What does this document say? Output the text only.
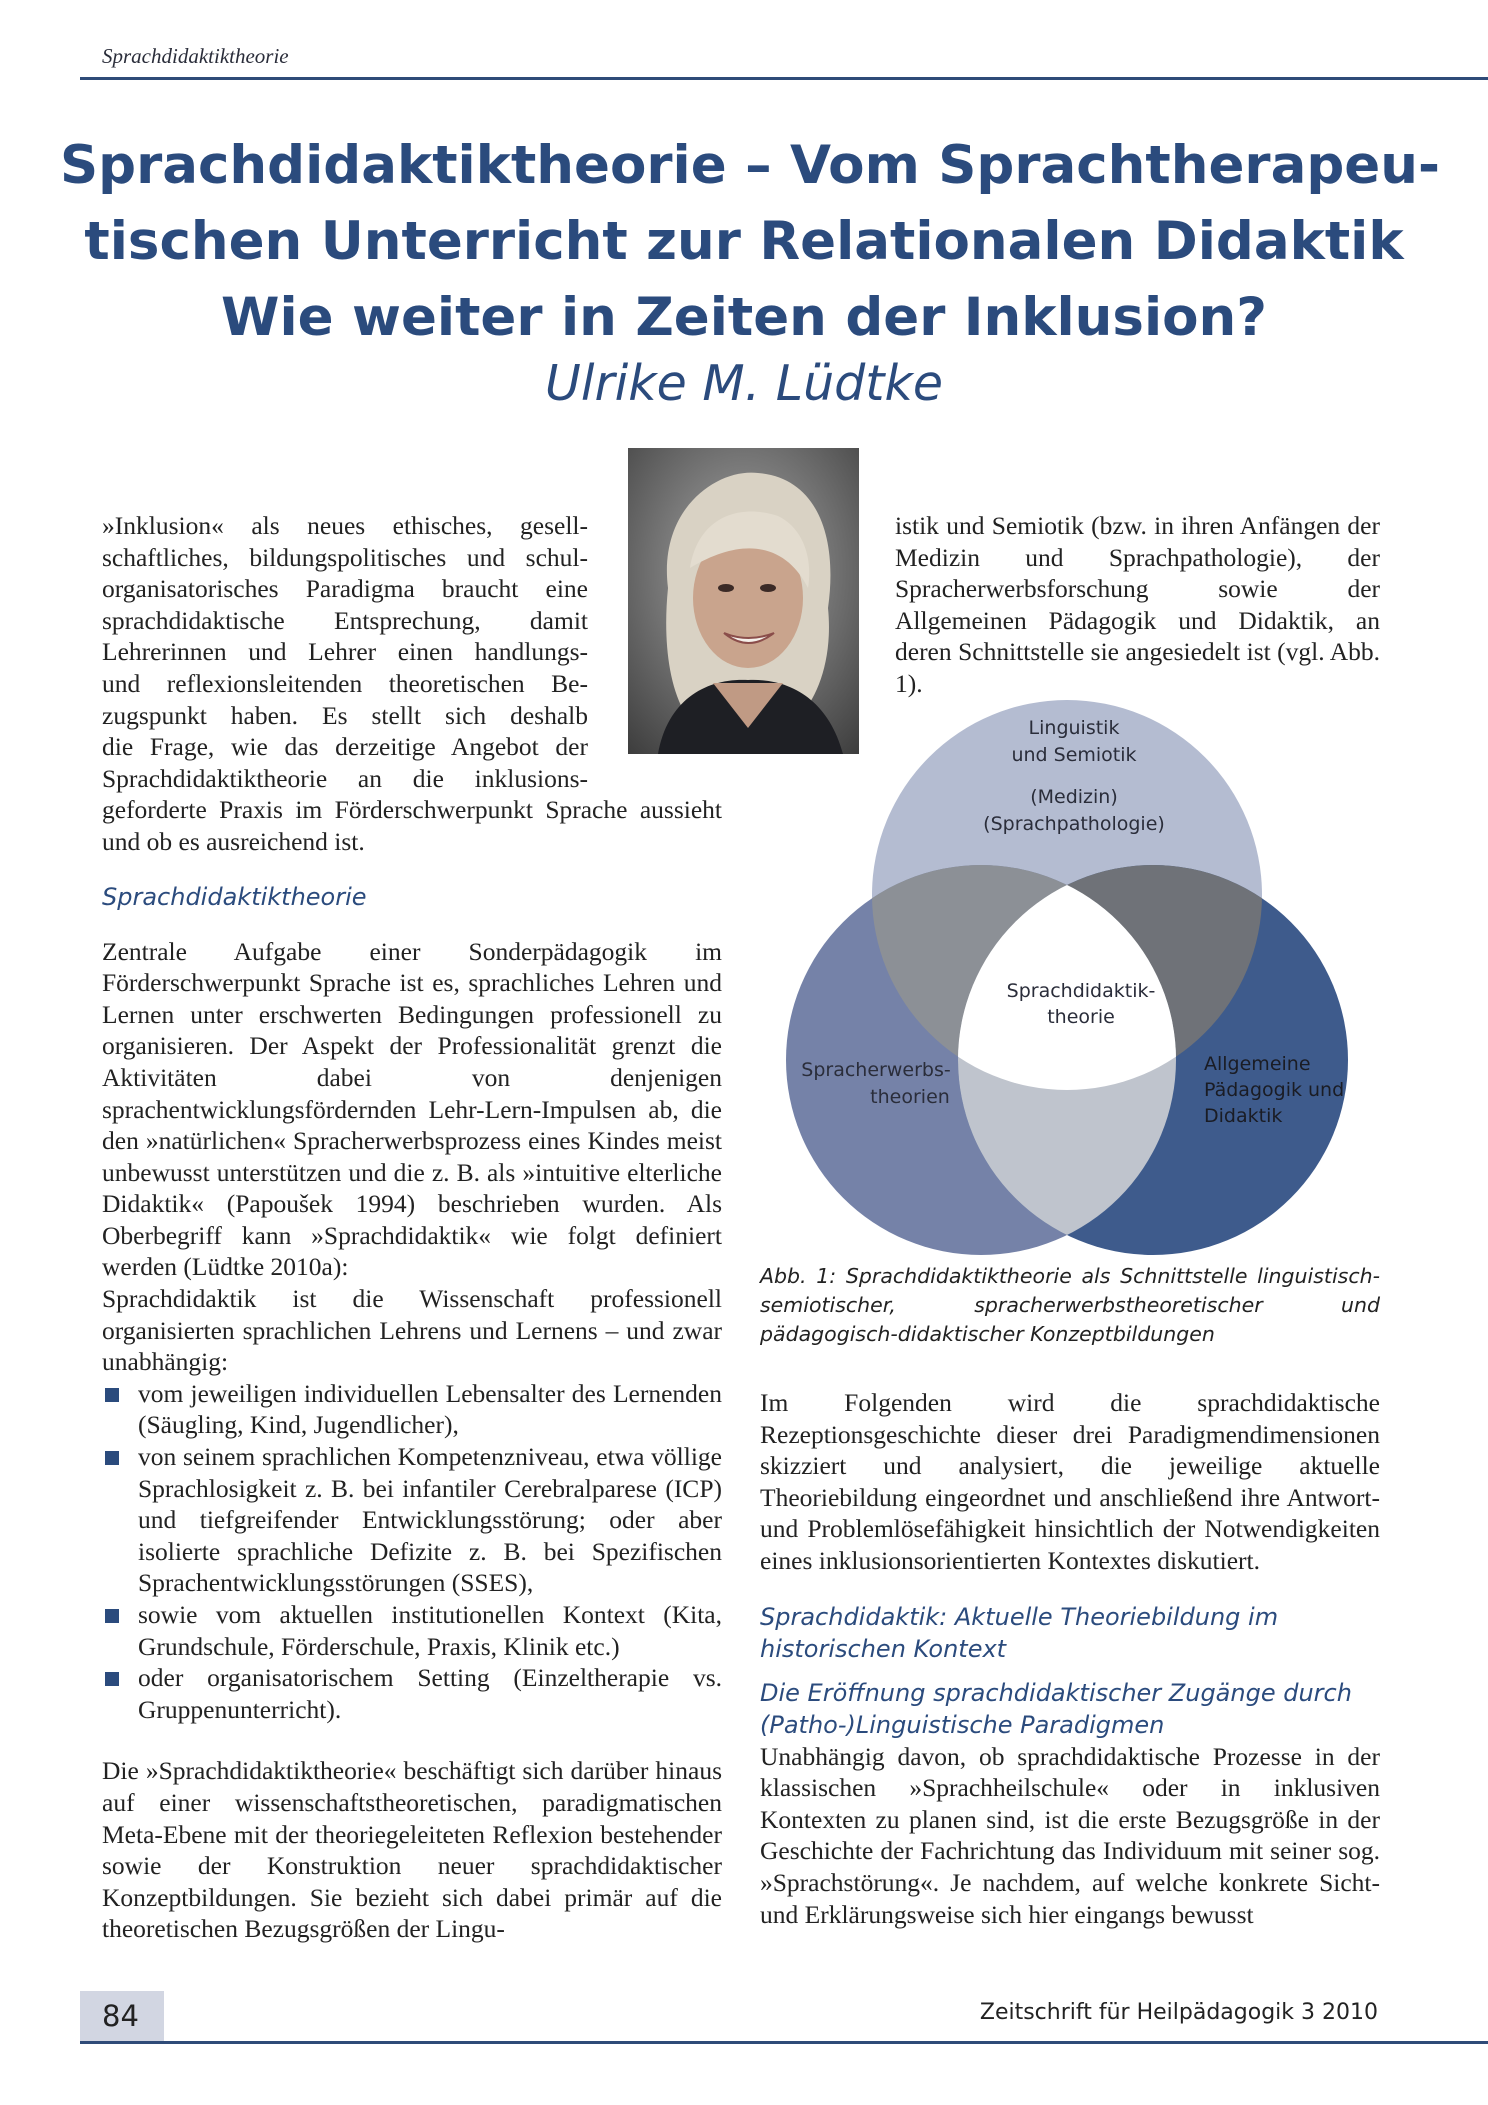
Sprachdidaktiktheorie
Sprachdidaktiktheorie – Vom Sprachtherapeu-
tischen Unterricht zur Relationalen Didaktik
Wie weiter in Zeiten der Inklusion?
Ulrike M. Lüdtke

»Inklusion« als neues ethisches, gesell-

schaftliches, bildungspolitisches und schul-

organisatorisches Paradigma braucht eine

sprachdidaktische Entsprechung, damit

Lehrerinnen und Lehrer einen handlungs-

und reflexionsleitenden theoretischen Be-

zugspunkt haben. Es stellt sich deshalb

die Frage, wie das derzeitige Angebot der

Sprachdidaktiktheorie an die inklusions-

geforderte Praxis im Förderschwerpunkt Sprache aussieht und ob es ausreichend ist.

Sprachdidaktiktheorie

Zentrale Aufgabe einer Sonderpädagogik im Förderschwerpunkt Sprache ist es, sprachliches Lehren und Lernen unter erschwerten Bedingungen professionell zu organisieren. Der Aspekt der Professionalität grenzt die Aktivitäten dabei von denjenigen sprachentwicklungsfördernden Lehr-Lern-Impulsen ab, die den »natürlichen« Spracherwerbsprozess eines Kindes meist unbewusst unterstützen und die z. B. als »intuitive elterliche Didaktik« (Papoušek 1994) beschrieben wurden. Als Oberbegriff kann »Sprachdidaktik« wie folgt definiert werden (Lüdtke 2010a):

Sprachdidaktik ist die Wissenschaft professionell organisierten sprachlichen Lehrens und Lernens – und zwar unabhängig:

vom jeweiligen individuellen Lebensalter des Lernenden (Säugling, Kind, Jugendlicher),
von seinem sprachlichen Kompetenzniveau, etwa völlige Sprachlosigkeit z. B. bei infantiler Cerebralparese (ICP) und tiefgreifender Entwicklungsstörung; oder aber isolierte sprachliche Defizite z. B. bei Spezifischen Sprachentwicklungsstörungen (SSES),
sowie vom aktuellen institutionellen Kontext (Kita, Grundschule, Förderschule, Praxis, Klinik etc.)
oder organisatorischem Setting (Einzeltherapie vs. Gruppenunterricht).

Die »Sprachdidaktiktheorie« beschäftigt sich darüber hinaus auf einer wissenschaftstheoretischen, paradigmatischen Meta-Ebene mit der theoriegeleiteten Reflexion bestehender sowie der Konstruktion neuer sprachdidaktischer Konzeptbildungen. Sie bezieht sich dabei primär auf die theoretischen Bezugsgrößen der Lingu-

istik und Semiotik (bzw. in ihren Anfängen der Medizin und Sprachpathologie), der Spracherwerbsforschung sowie der Allgemeinen Pädagogik und Didaktik, an deren Schnittstelle sie angesiedelt ist (vgl. Abb. 1).

Linguistik
und Semiotik
(Medizin)
(Sprachpathologie)
Sprachdidaktik-
theorie
Spracherwerbs-
theorien
Allgemeine
Pädagogik und
Didaktik
Abb. 1: Sprachdidaktiktheorie als Schnittstelle linguistisch-semiotischer, spracherwerbstheoretischer und pädagogisch-didaktischer Konzeptbildungen

Im Folgenden wird die sprachdidaktische Rezeptionsgeschichte dieser drei Paradigmendimensionen skizziert und analysiert, die jeweilige aktuelle Theoriebildung eingeordnet und anschließend ihre Antwort- und Problemlösefähigkeit hinsichtlich der Notwendigkeiten eines inklusionsorientierten Kontextes diskutiert.

Sprachdidaktik: Aktuelle Theoriebildung im historischen Kontext

Die Eröffnung sprachdidaktischer Zugänge durch (Patho-)Linguistische Paradigmen

Unabhängig davon, ob sprachdidaktische Prozesse in der klassischen »Sprachheilschule« oder in inklusiven Kontexten zu planen sind, ist die erste Bezugsgröße in der Geschichte der Fachrichtung das Individuum mit seiner sog. »Sprachstörung«. Je nachdem, auf welche konkrete Sicht- und Erklärungsweise sich hier eingangs bewusst

84	Zeitschrift für Heilpädagogik 3 2010
